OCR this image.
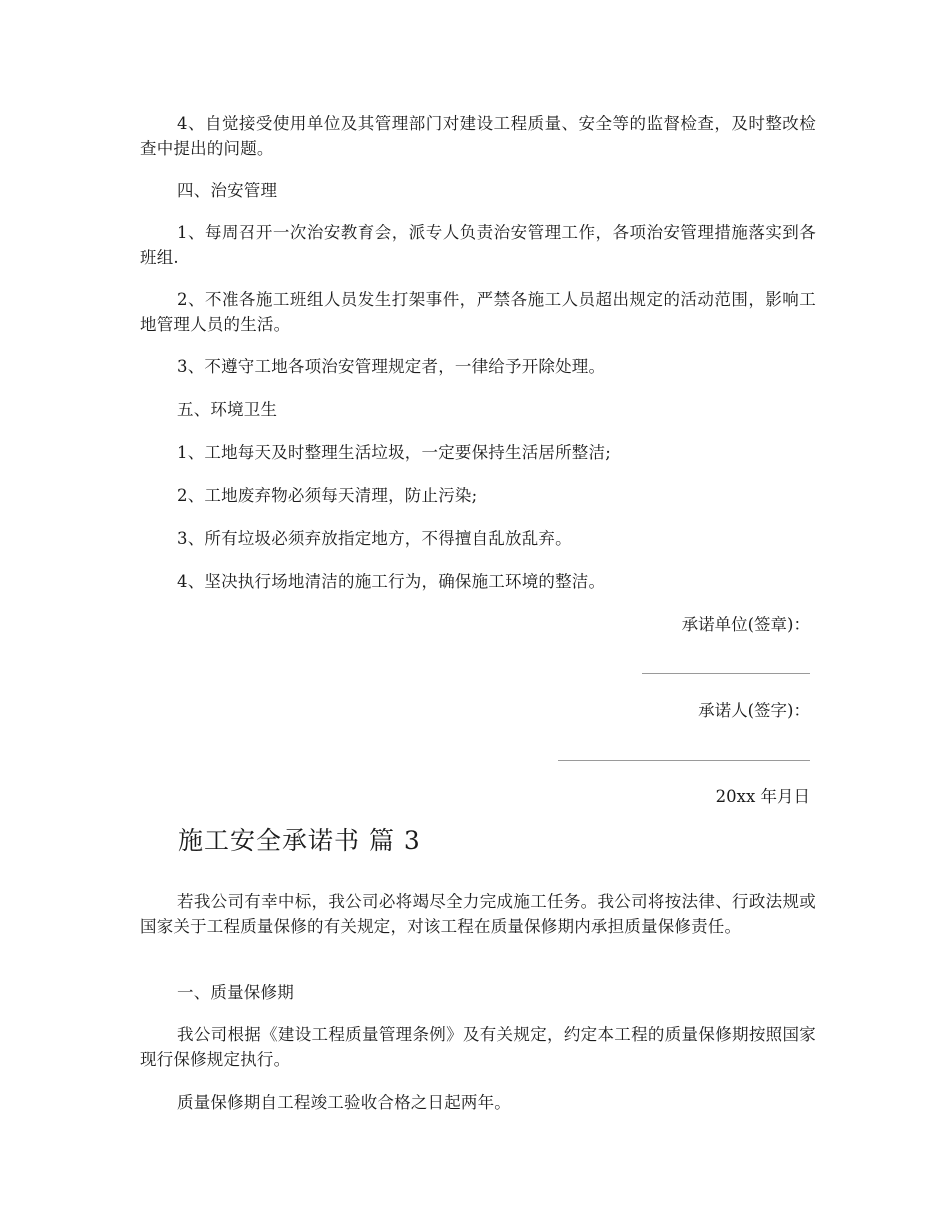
4、自觉接受使用单位及其管理部门对建设工程质量、安全等的监督检查，及时整改检查中提出的问题。

四、治安管理

1、每周召开一次治安教育会，派专人负责治安管理工作，各项治安管理措施落实到各班组.

2、不准各施工班组人员发生打架事件，严禁各施工人员超出规定的活动范围，影响工地管理人员的生活。

3、不遵守工地各项治安管理规定者，一律给予开除处理。

五、环境卫生

1、工地每天及时整理生活垃圾，一定要保持生活居所整洁;

2、工地废弃物必须每天清理，防止污染;

3、所有垃圾必须弃放指定地方，不得擅自乱放乱弃。

4、坚决执行场地清洁的施工行为，确保施工环境的整洁。

承诺单位(签章)：
承诺人(签字)：
20xx 年月日
施工安全承诺书 篇 3

若我公司有幸中标，我公司必将竭尽全力完成施工任务。我公司将按法律、行政法规或国家关于工程质量保修的有关规定，对该工程在质量保修期内承担质量保修责任。

一、质量保修期

我公司根据《建设工程质量管理条例》及有关规定，约定本工程的质量保修期按照国家现行保修规定执行。

质量保修期自工程竣工验收合格之日起两年。
